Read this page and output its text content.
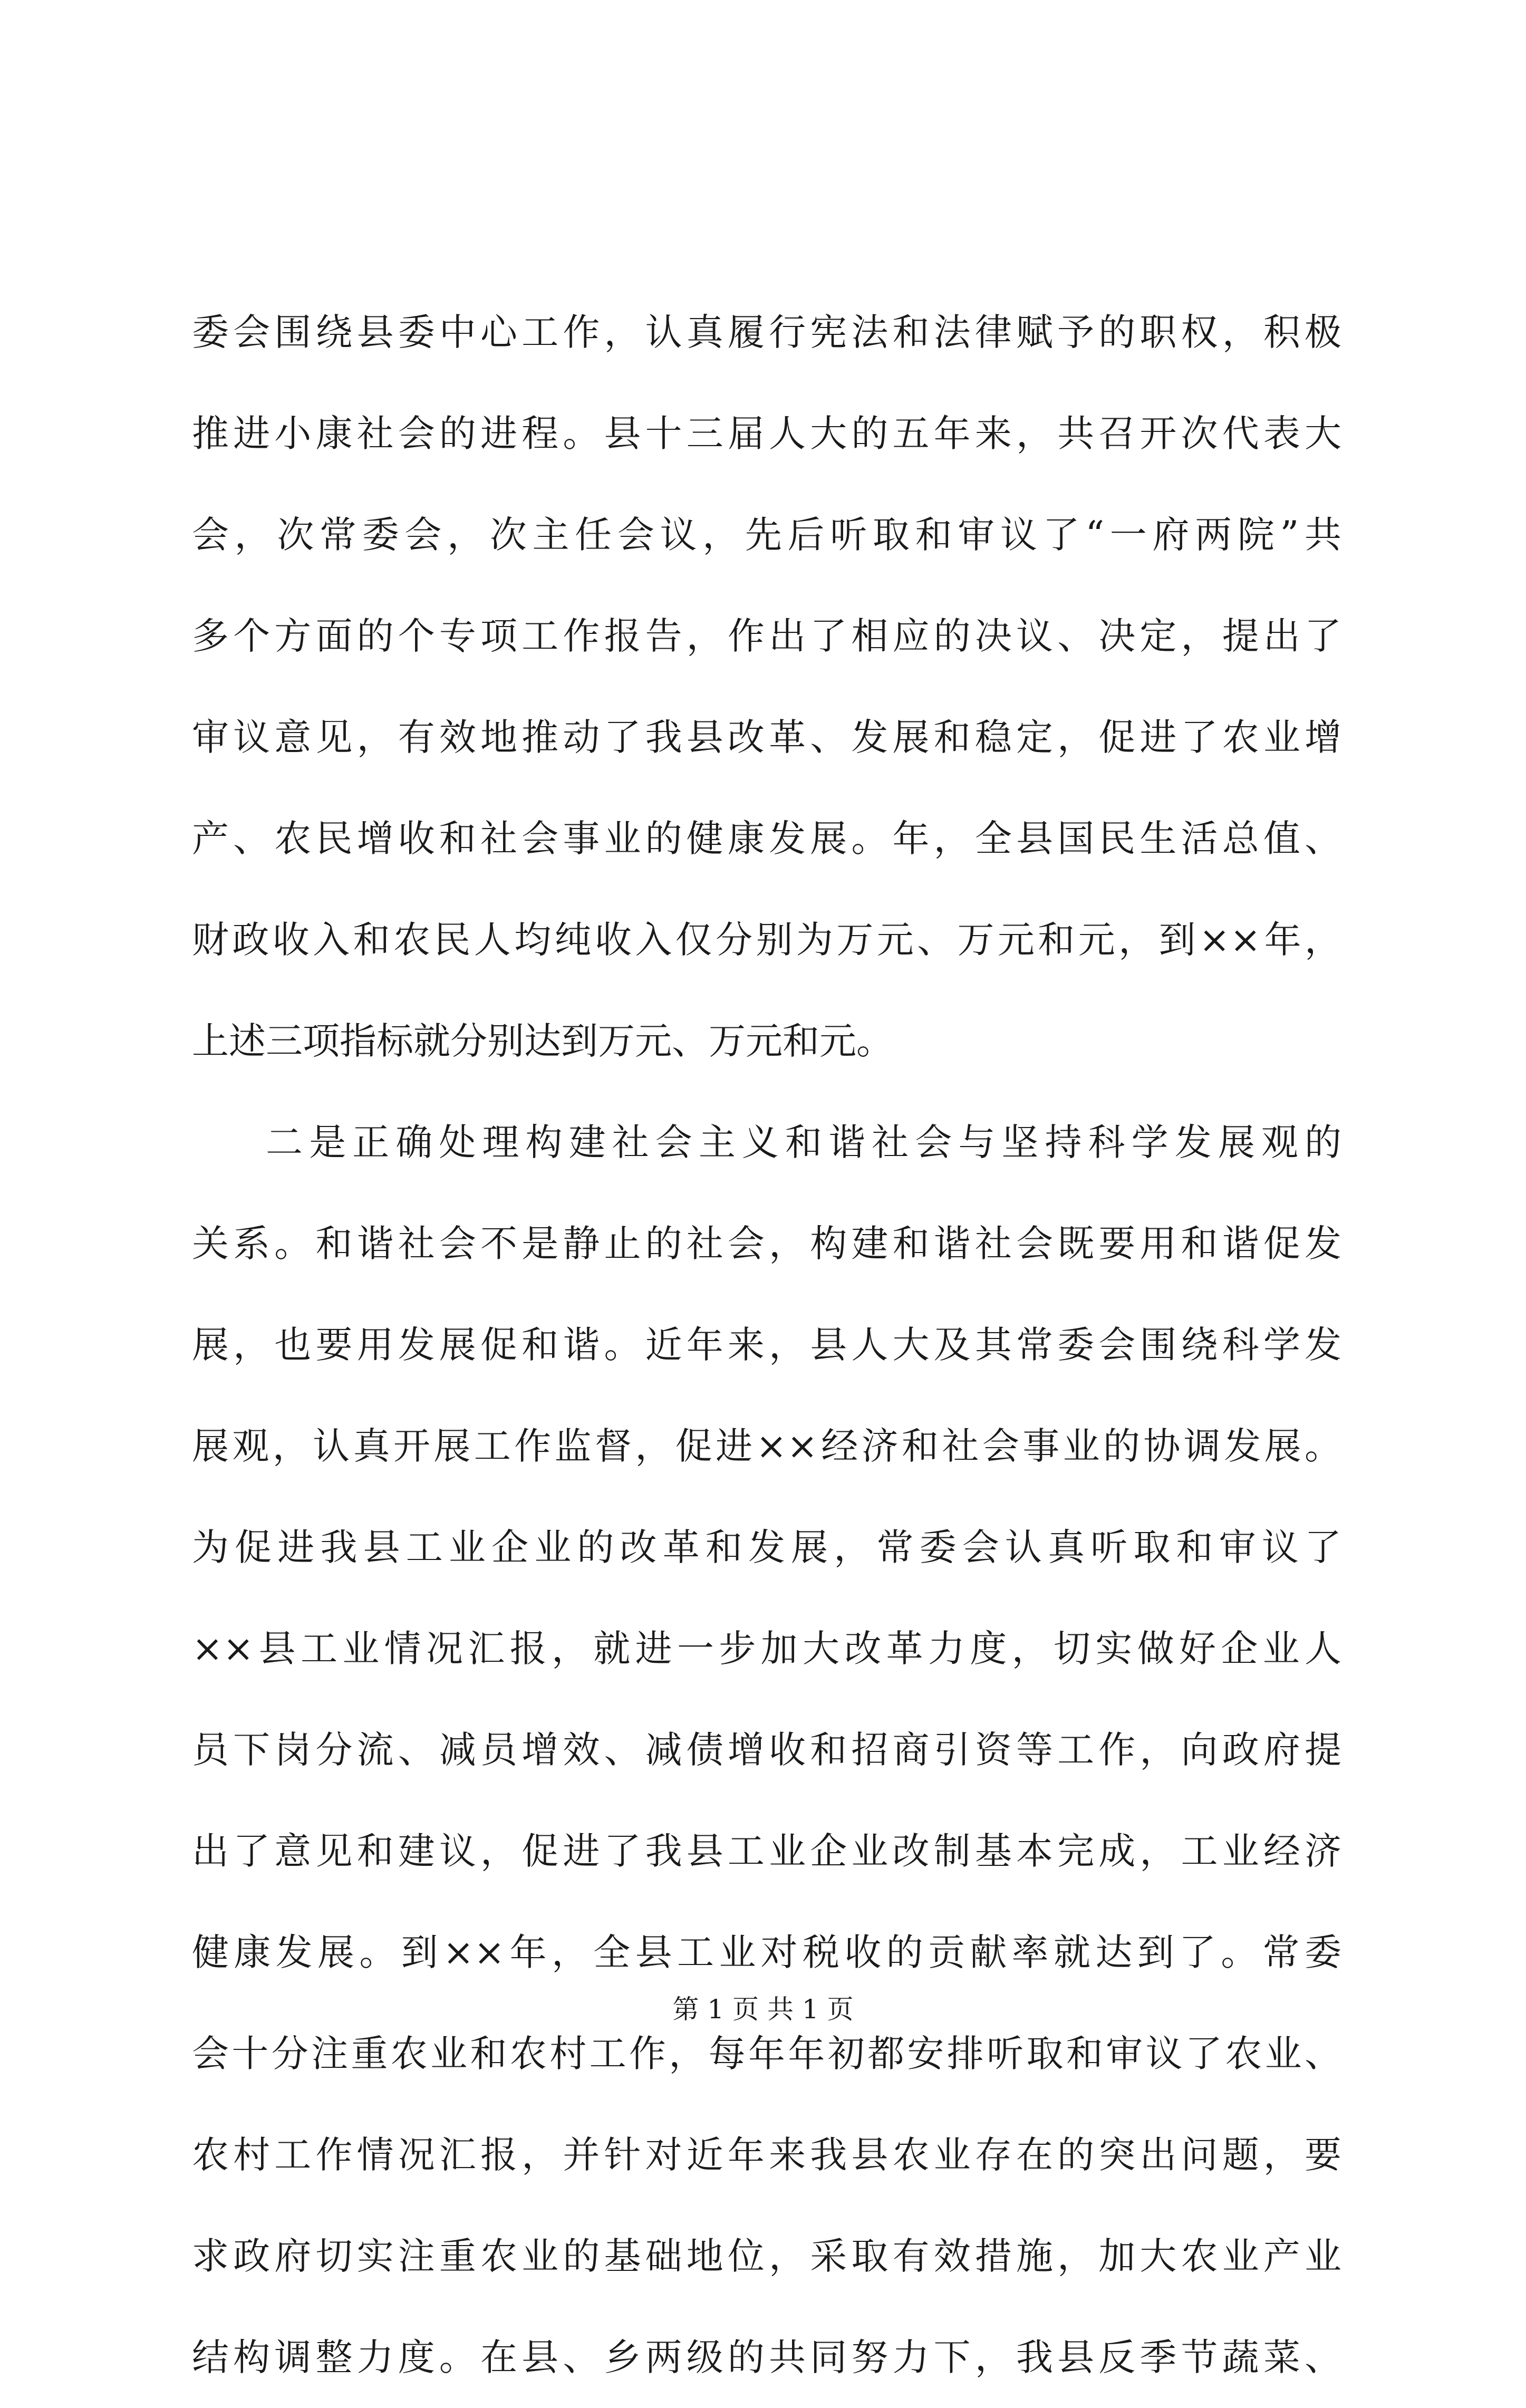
委会围绕县委中心工作，认真履行宪法和法律赋予的职权，积极
推进小康社会的进程。县十三届人大的五年来，共召开次代表大
会，次常委会，次主任会议，先后听取和审议了“一府两院”共
多个方面的个专项工作报告，作出了相应的决议、决定，提出了
审议意见，有效地推动了我县改革、发展和稳定，促进了农业增
产、农民增收和社会事业的健康发展。年，全县国民生活总值、
财政收入和农民人均纯收入仅分别为万元、万元和元，到××年，
上述三项指标就分别达到万元、万元和元。
二是正确处理构建社会主义和谐社会与坚持科学发展观的
关系。和谐社会不是静止的社会，构建和谐社会既要用和谐促发
展，也要用发展促和谐。近年来，县人大及其常委会围绕科学发
展观，认真开展工作监督，促进××经济和社会事业的协调发展。
为促进我县工业企业的改革和发展，常委会认真听取和审议了
××县工业情况汇报，就进一步加大改革力度，切实做好企业人
员下岗分流、减员增效、减债增收和招商引资等工作，向政府提
出了意见和建议，促进了我县工业企业改制基本完成，工业经济
健康发展。到××年，全县工业对税收的贡献率就达到了。常委
会十分注重农业和农村工作，每年年初都安排听取和审议了农业、
农村工作情况汇报，并针对近年来我县农业存在的突出问题，要
求政府切实注重农业的基础地位，采取有效措施，加大农业产业
结构调整力度。在县、乡两级的共同努力下，我县反季节蔬菜、
第 1 页 共 1 页
